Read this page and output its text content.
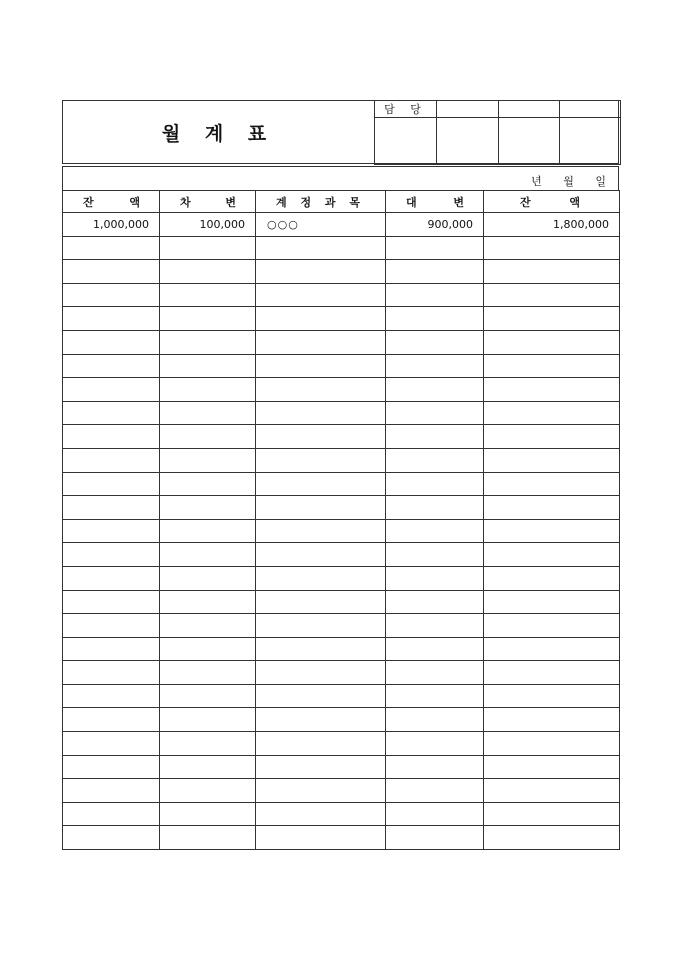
월 계 표
담 당			

년 월 일
잔 액	차 변	계 정 과 목	대 변	잔 액

1,000,000	100,000	○○○	900,000	1,800,000
